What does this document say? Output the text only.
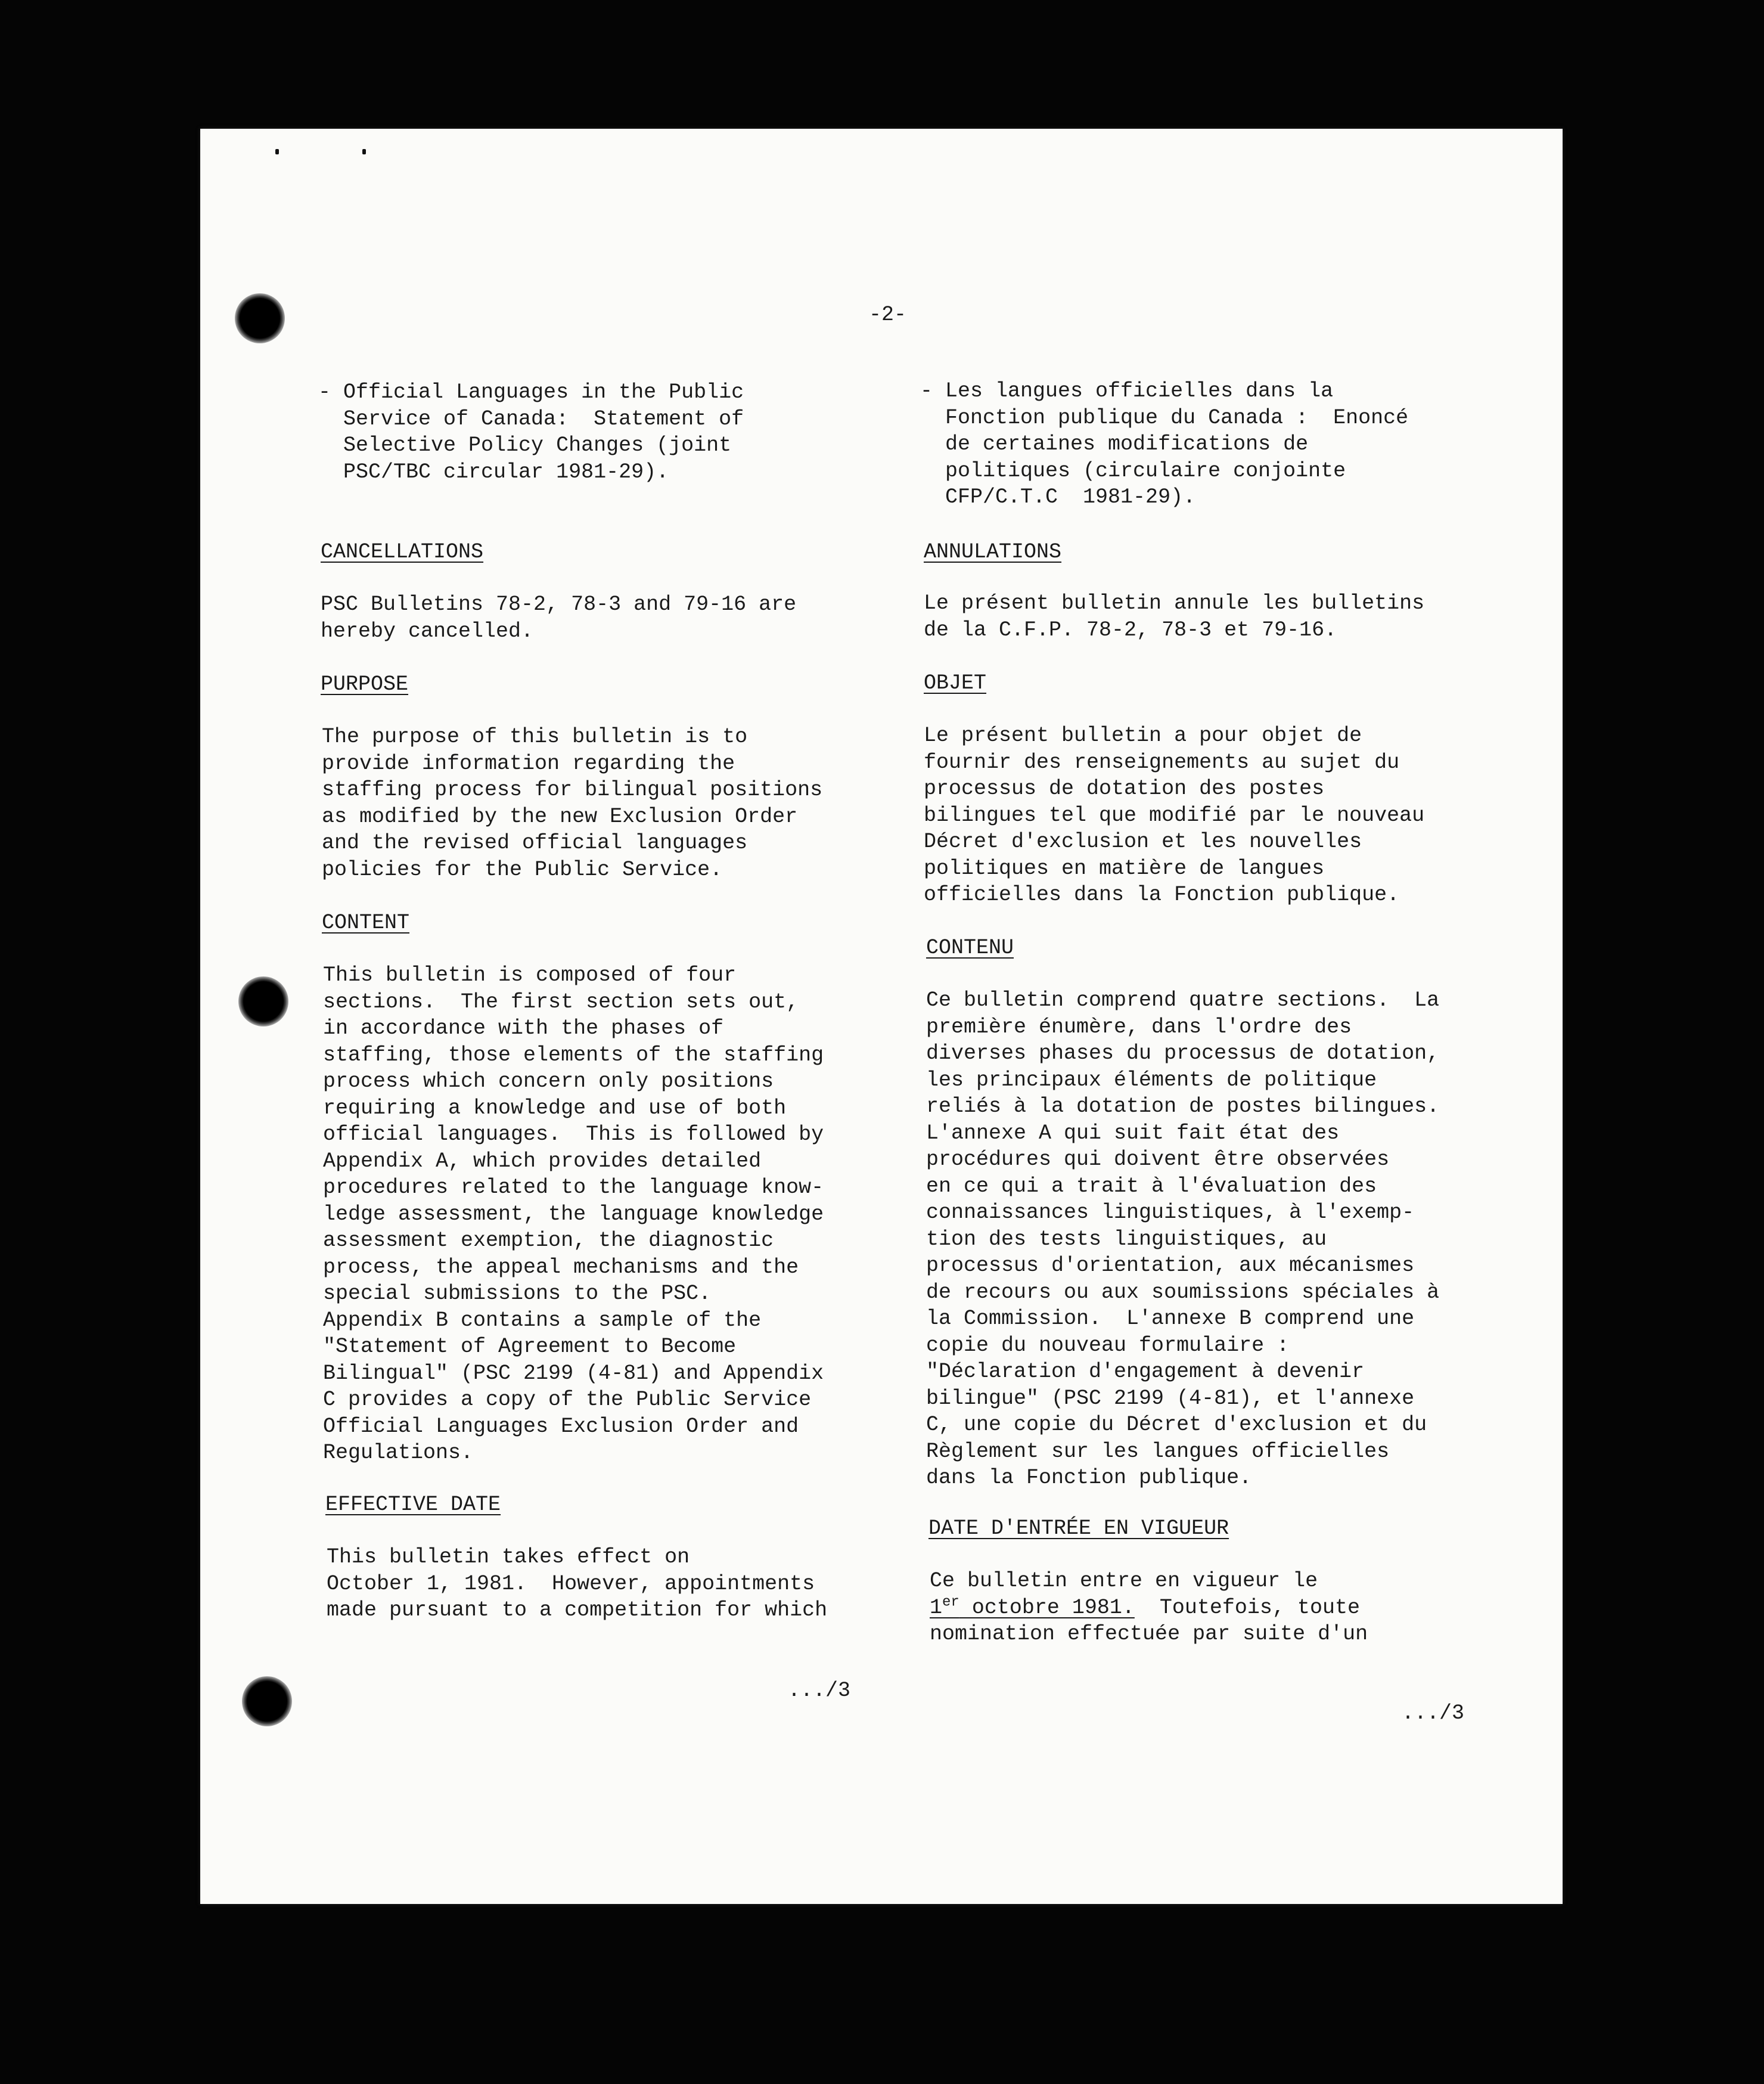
-2-
- Official Languages in the Public
Service of Canada:  Statement of
Selective Policy Changes (joint
PSC/TBC circular 1981-29).
CANCELLATIONS
PSC Bulletins 78-2, 78-3 and 79-16 are
hereby cancelled.
PURPOSE
The purpose of this bulletin is to
provide information regarding the
staffing process for bilingual positions
as modified by the new Exclusion Order
and the revised official languages
policies for the Public Service.
CONTENT
This bulletin is composed of four
sections.  The first section sets out,
in accordance with the phases of
staffing, those elements of the staffing
process which concern only positions
requiring a knowledge and use of both
official languages.  This is followed by
Appendix A, which provides detailed
procedures related to the language know-
ledge assessment, the language knowledge
assessment exemption, the diagnostic
process, the appeal mechanisms and the
special submissions to the PSC.
Appendix B contains a sample of the
"Statement of Agreement to Become
Bilingual" (PSC 2199 (4-81) and Appendix
C provides a copy of the Public Service
Official Languages Exclusion Order and
Regulations.
EFFECTIVE DATE
This bulletin takes effect on
October 1, 1981.  However, appointments
made pursuant to a competition for which
.../3
- Les langues officielles dans la
Fonction publique du Canada :  Enoncé
de certaines modifications de
politiques (circulaire conjointe
CFP/C.T.C  1981-29).
ANNULATIONS
Le présent bulletin annule les bulletins
de la C.F.P. 78-2, 78-3 et 79-16.
OBJET
Le présent bulletin a pour objet de
fournir des renseignements au sujet du
processus de dotation des postes
bilingues tel que modifié par le nouveau
Décret d'exclusion et les nouvelles
politiques en matière de langues
officielles dans la Fonction publique.
CONTENU
Ce bulletin comprend quatre sections.  La
première énumère, dans l'ordre des
diverses phases du processus de dotation,
les principaux éléments de politique
reliés à la dotation de postes bilingues.
L'annexe A qui suit fait état des
procédures qui doivent être observées
en ce qui a trait à l'évaluation des
connaissances linguistiques, à l'exemp-
tion des tests linguistiques, au
processus d'orientation, aux mécanismes
de recours ou aux soumissions spéciales à
la Commission.  L'annexe B comprend une
copie du nouveau formulaire :
"Déclaration d'engagement à devenir
bilingue" (PSC 2199 (4-81), et l'annexe
C, une copie du Décret d'exclusion et du
Règlement sur les langues officielles
dans la Fonction publique.
DATE D'ENTRÉE EN VIGUEUR
Ce bulletin entre en vigueur le
1er octobre 1981.  Toutefois, toute
nomination effectuée par suite d'un
.../3
